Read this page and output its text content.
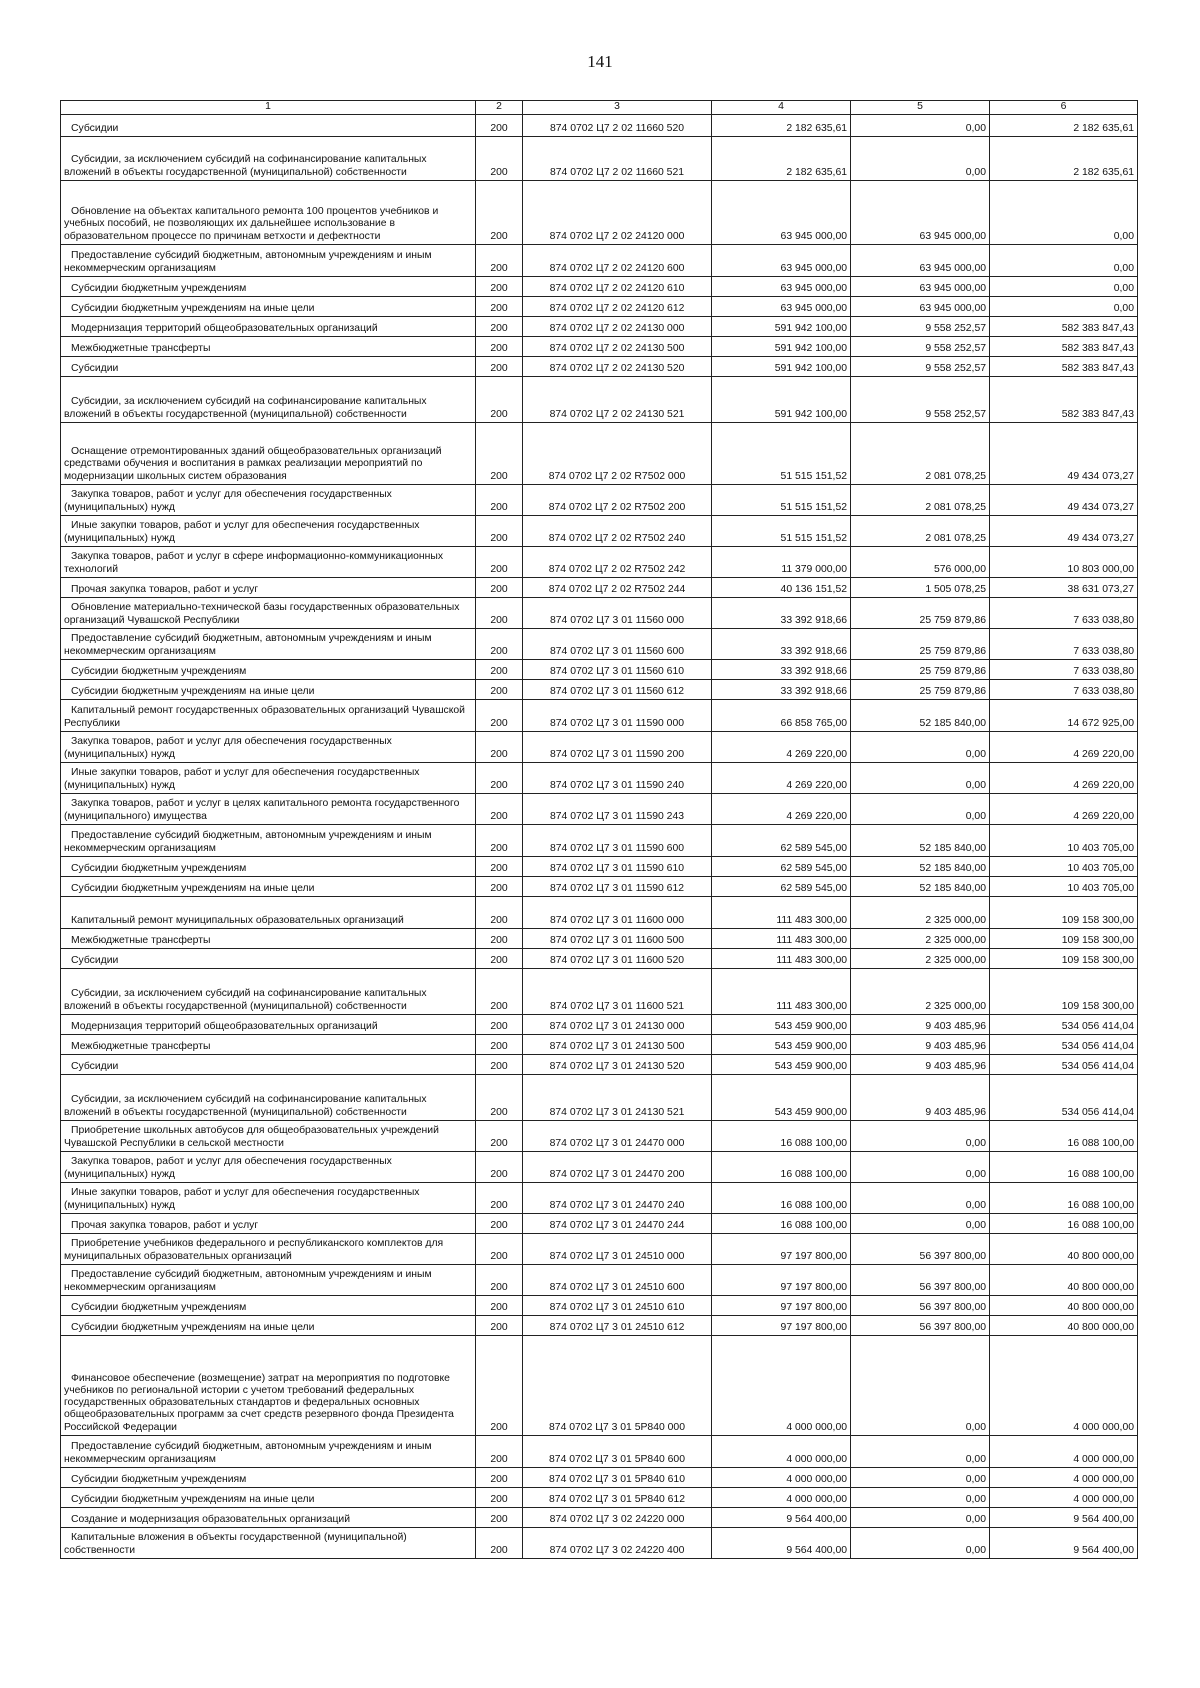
141
1	2	3	4	5	6
Субсидии	200	874 0702 Ц7 2 02 11660 520	2 182 635,61	0,00	2 182 635,61
Субсидии, за исключением субсидий на софинансирование капитальных вложений в объекты государственной (муниципальной) собственности	200	874 0702 Ц7 2 02 11660 521	2 182 635,61	0,00	2 182 635,61
Обновление на объектах капитального ремонта 100 процентов учебников и учебных пособий, не позволяющих их дальнейшее использование в образовательном процессе по причинам ветхости и дефектности	200	874 0702 Ц7 2 02 24120 000	63 945 000,00	63 945 000,00	0,00
Предоставление субсидий бюджетным, автономным учреждениям и иным некоммерческим организациям	200	874 0702 Ц7 2 02 24120 600	63 945 000,00	63 945 000,00	0,00
Субсидии бюджетным учреждениям	200	874 0702 Ц7 2 02 24120 610	63 945 000,00	63 945 000,00	0,00
Субсидии бюджетным учреждениям на иные цели	200	874 0702 Ц7 2 02 24120 612	63 945 000,00	63 945 000,00	0,00
Модернизация территорий общеобразовательных организаций	200	874 0702 Ц7 2 02 24130 000	591 942 100,00	9 558 252,57	582 383 847,43
Межбюджетные трансферты	200	874 0702 Ц7 2 02 24130 500	591 942 100,00	9 558 252,57	582 383 847,43
Субсидии	200	874 0702 Ц7 2 02 24130 520	591 942 100,00	9 558 252,57	582 383 847,43
Субсидии, за исключением субсидий на софинансирование капитальных вложений в объекты государственной (муниципальной) собственности	200	874 0702 Ц7 2 02 24130 521	591 942 100,00	9 558 252,57	582 383 847,43
Оснащение отремонтированных зданий общеобразовательных организаций средствами обучения и воспитания в рамках реализации мероприятий по модернизации школьных систем образования	200	874 0702 Ц7 2 02 R7502 000	51 515 151,52	2 081 078,25	49 434 073,27
Закупка товаров, работ и услуг для обеспечения государственных (муниципальных) нужд	200	874 0702 Ц7 2 02 R7502 200	51 515 151,52	2 081 078,25	49 434 073,27
Иные закупки товаров, работ и услуг для обеспечения государственных (муниципальных) нужд	200	874 0702 Ц7 2 02 R7502 240	51 515 151,52	2 081 078,25	49 434 073,27
Закупка товаров, работ и услуг в сфере информационно-коммуникационных технологий	200	874 0702 Ц7 2 02 R7502 242	11 379 000,00	576 000,00	10 803 000,00
Прочая закупка товаров, работ и услуг	200	874 0702 Ц7 2 02 R7502 244	40 136 151,52	1 505 078,25	38 631 073,27
Обновление материально-технической базы государственных образовательных организаций Чувашской Республики	200	874 0702 Ц7 3 01 11560 000	33 392 918,66	25 759 879,86	7 633 038,80
Предоставление субсидий бюджетным, автономным учреждениям и иным некоммерческим организациям	200	874 0702 Ц7 3 01 11560 600	33 392 918,66	25 759 879,86	7 633 038,80
Субсидии бюджетным учреждениям	200	874 0702 Ц7 3 01 11560 610	33 392 918,66	25 759 879,86	7 633 038,80
Субсидии бюджетным учреждениям на иные цели	200	874 0702 Ц7 3 01 11560 612	33 392 918,66	25 759 879,86	7 633 038,80
Капитальный ремонт государственных образовательных организаций Чувашской Республики	200	874 0702 Ц7 3 01 11590 000	66 858 765,00	52 185 840,00	14 672 925,00
Закупка товаров, работ и услуг для обеспечения государственных (муниципальных) нужд	200	874 0702 Ц7 3 01 11590 200	4 269 220,00	0,00	4 269 220,00
Иные закупки товаров, работ и услуг для обеспечения государственных (муниципальных) нужд	200	874 0702 Ц7 3 01 11590 240	4 269 220,00	0,00	4 269 220,00
Закупка товаров, работ и услуг в целях капитального ремонта государственного (муниципального) имущества	200	874 0702 Ц7 3 01 11590 243	4 269 220,00	0,00	4 269 220,00
Предоставление субсидий бюджетным, автономным учреждениям и иным некоммерческим организациям	200	874 0702 Ц7 3 01 11590 600	62 589 545,00	52 185 840,00	10 403 705,00
Субсидии бюджетным учреждениям	200	874 0702 Ц7 3 01 11590 610	62 589 545,00	52 185 840,00	10 403 705,00
Субсидии бюджетным учреждениям на иные цели	200	874 0702 Ц7 3 01 11590 612	62 589 545,00	52 185 840,00	10 403 705,00
Капитальный ремонт муниципальных образовательных организаций	200	874 0702 Ц7 3 01 11600 000	111 483 300,00	2 325 000,00	109 158 300,00
Межбюджетные трансферты	200	874 0702 Ц7 3 01 11600 500	111 483 300,00	2 325 000,00	109 158 300,00
Субсидии	200	874 0702 Ц7 3 01 11600 520	111 483 300,00	2 325 000,00	109 158 300,00
Субсидии, за исключением субсидий на софинансирование капитальных вложений в объекты государственной (муниципальной) собственности	200	874 0702 Ц7 3 01 11600 521	111 483 300,00	2 325 000,00	109 158 300,00
Модернизация территорий общеобразовательных организаций	200	874 0702 Ц7 3 01 24130 000	543 459 900,00	9 403 485,96	534 056 414,04
Межбюджетные трансферты	200	874 0702 Ц7 3 01 24130 500	543 459 900,00	9 403 485,96	534 056 414,04
Субсидии	200	874 0702 Ц7 3 01 24130 520	543 459 900,00	9 403 485,96	534 056 414,04
Субсидии, за исключением субсидий на софинансирование капитальных вложений в объекты государственной (муниципальной) собственности	200	874 0702 Ц7 3 01 24130 521	543 459 900,00	9 403 485,96	534 056 414,04
Приобретение школьных автобусов для общеобразовательных учреждений Чувашской Республики в сельской местности	200	874 0702 Ц7 3 01 24470 000	16 088 100,00	0,00	16 088 100,00
Закупка товаров, работ и услуг для обеспечения государственных (муниципальных) нужд	200	874 0702 Ц7 3 01 24470 200	16 088 100,00	0,00	16 088 100,00
Иные закупки товаров, работ и услуг для обеспечения государственных (муниципальных) нужд	200	874 0702 Ц7 3 01 24470 240	16 088 100,00	0,00	16 088 100,00
Прочая закупка товаров, работ и услуг	200	874 0702 Ц7 3 01 24470 244	16 088 100,00	0,00	16 088 100,00
Приобретение учебников федерального и республиканского комплектов для муниципальных образовательных организаций	200	874 0702 Ц7 3 01 24510 000	97 197 800,00	56 397 800,00	40 800 000,00
Предоставление субсидий бюджетным, автономным учреждениям и иным некоммерческим организациям	200	874 0702 Ц7 3 01 24510 600	97 197 800,00	56 397 800,00	40 800 000,00
Субсидии бюджетным учреждениям	200	874 0702 Ц7 3 01 24510 610	97 197 800,00	56 397 800,00	40 800 000,00
Субсидии бюджетным учреждениям на иные цели	200	874 0702 Ц7 3 01 24510 612	97 197 800,00	56 397 800,00	40 800 000,00
Финансовое обеспечение (возмещение) затрат на мероприятия по подготовке учебников по региональной истории с учетом требований федеральных государственных образовательных стандартов и федеральных основных общеобразовательных программ за счет средств резервного фонда Президента Российской Федерации	200	874 0702 Ц7 3 01 5Р840 000	4 000 000,00	0,00	4 000 000,00
Предоставление субсидий бюджетным, автономным учреждениям и иным некоммерческим организациям	200	874 0702 Ц7 3 01 5Р840 600	4 000 000,00	0,00	4 000 000,00
Субсидии бюджетным учреждениям	200	874 0702 Ц7 3 01 5Р840 610	4 000 000,00	0,00	4 000 000,00
Субсидии бюджетным учреждениям на иные цели	200	874 0702 Ц7 3 01 5Р840 612	4 000 000,00	0,00	4 000 000,00
Создание и модернизация образовательных организаций	200	874 0702 Ц7 3 02 24220 000	9 564 400,00	0,00	9 564 400,00
Капитальные вложения в объекты государственной (муниципальной) собственности	200	874 0702 Ц7 3 02 24220 400	9 564 400,00	0,00	9 564 400,00
